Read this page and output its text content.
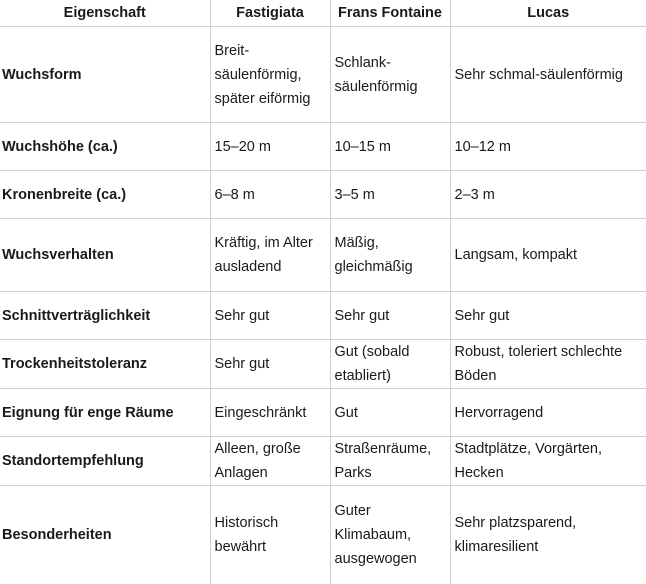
Eigenschaft	Fastigiata	Frans Fontaine	Lucas
Wuchsform	Breit-säulenförmig, später eiförmig	Schlank-säulenförmig	Sehr schmal-säulenförmig
Wuchshöhe (ca.)	15–20 m	10–15 m	10–12 m
Kronenbreite (ca.)	6–8 m	3–5 m	2–3 m
Wuchsverhalten	Kräftig, im Alter ausladend	Mäßig, gleichmäßig	Langsam, kompakt
Schnittverträglichkeit	Sehr gut	Sehr gut	Sehr gut
Trockenheitstoleranz	Sehr gut	Gut (sobald etabliert)	Robust, toleriert schlechte Böden
Eignung für enge Räume	Eingeschränkt	Gut	Hervorragend
Standortempfehlung	Alleen, große Anlagen	Straßenräume, Parks	Stadtplätze, Vorgärten, Hecken
Besonderheiten	Historisch bewährt	Guter Klimabaum, ausgewogen	Sehr platzsparend, klimaresilient
